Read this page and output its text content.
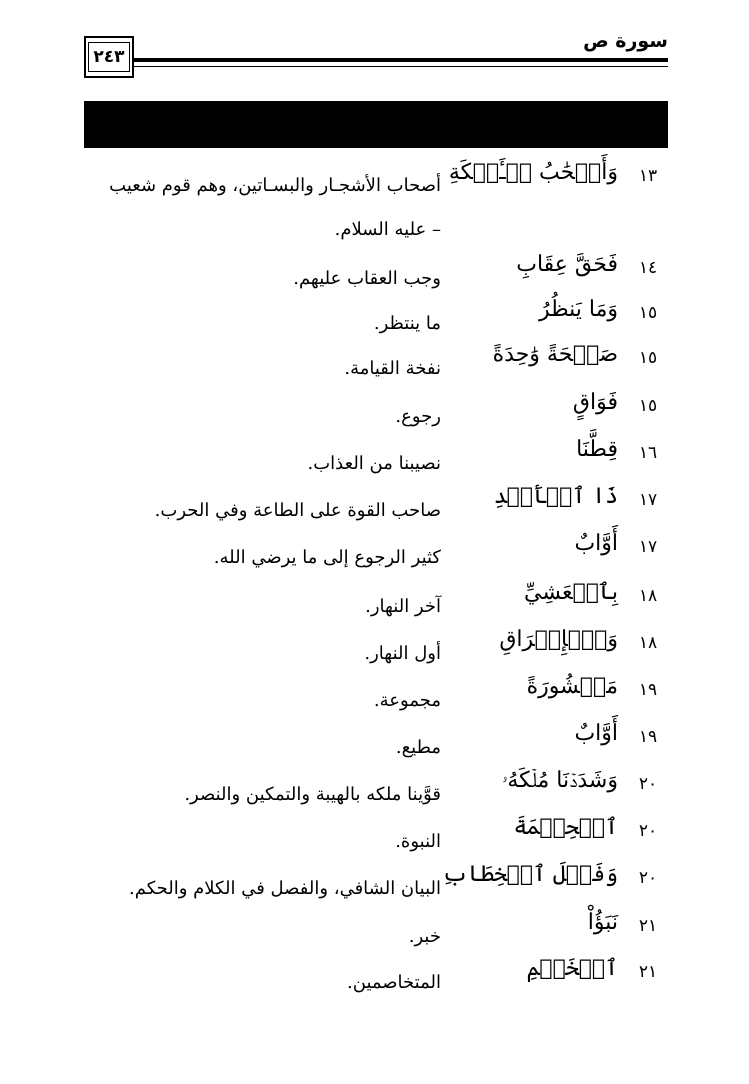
٢٤٣
سورة ص
١٣
وَأَصۡحَٰبُ لۡـَٔيۡكَةِ
أصحاب الأشجـار والبسـاتين، وهم قوم شعيب – عليه السلام.
١٤
فَحَقَّ عِقَابِ
وجب العقاب عليهم.
١٥
وَمَا يَنظُرُ
ما ينتظر.
١٥
صَيۡحَةً وَٰحِدَةً
نفخة القيامة.
١٥
فَوَاقٍ
رجوع.
١٦
قِطَّنَا
نصيبنا من العذاب.
١٧
ذَا ٱلۡأَيۡدِ
صاحب القوة على الطاعة وفي الحرب.
١٧
أَوَّابٌ
كثير الرجوع إلى ما يرضي الله.
١٨
بِٱلۡعَشِيِّ
آخر النهار.
١٨
وَٱلۡإِشۡرَاقِ
أول النهار.
١٩
مَحۡشُورَةً
مجموعة.
١٩
أَوَّابٌ
مطيع.
٢٠
وَشَدَدۡنَا مُلۡكَهُۥ
قوَّينا ملكه بالهيبة والتمكين والنصر.
٢٠
ٱلۡحِكۡمَةَ
النبوة.
٢٠
وَفَصۡلَ ٱلۡخِطَابِ
البيان الشافي، والفصل في الكلام والحكم.
٢١
نَبَؤُاْ
خبر.
٢١
ٱلۡخَصۡمِ
المتخاصمين.
